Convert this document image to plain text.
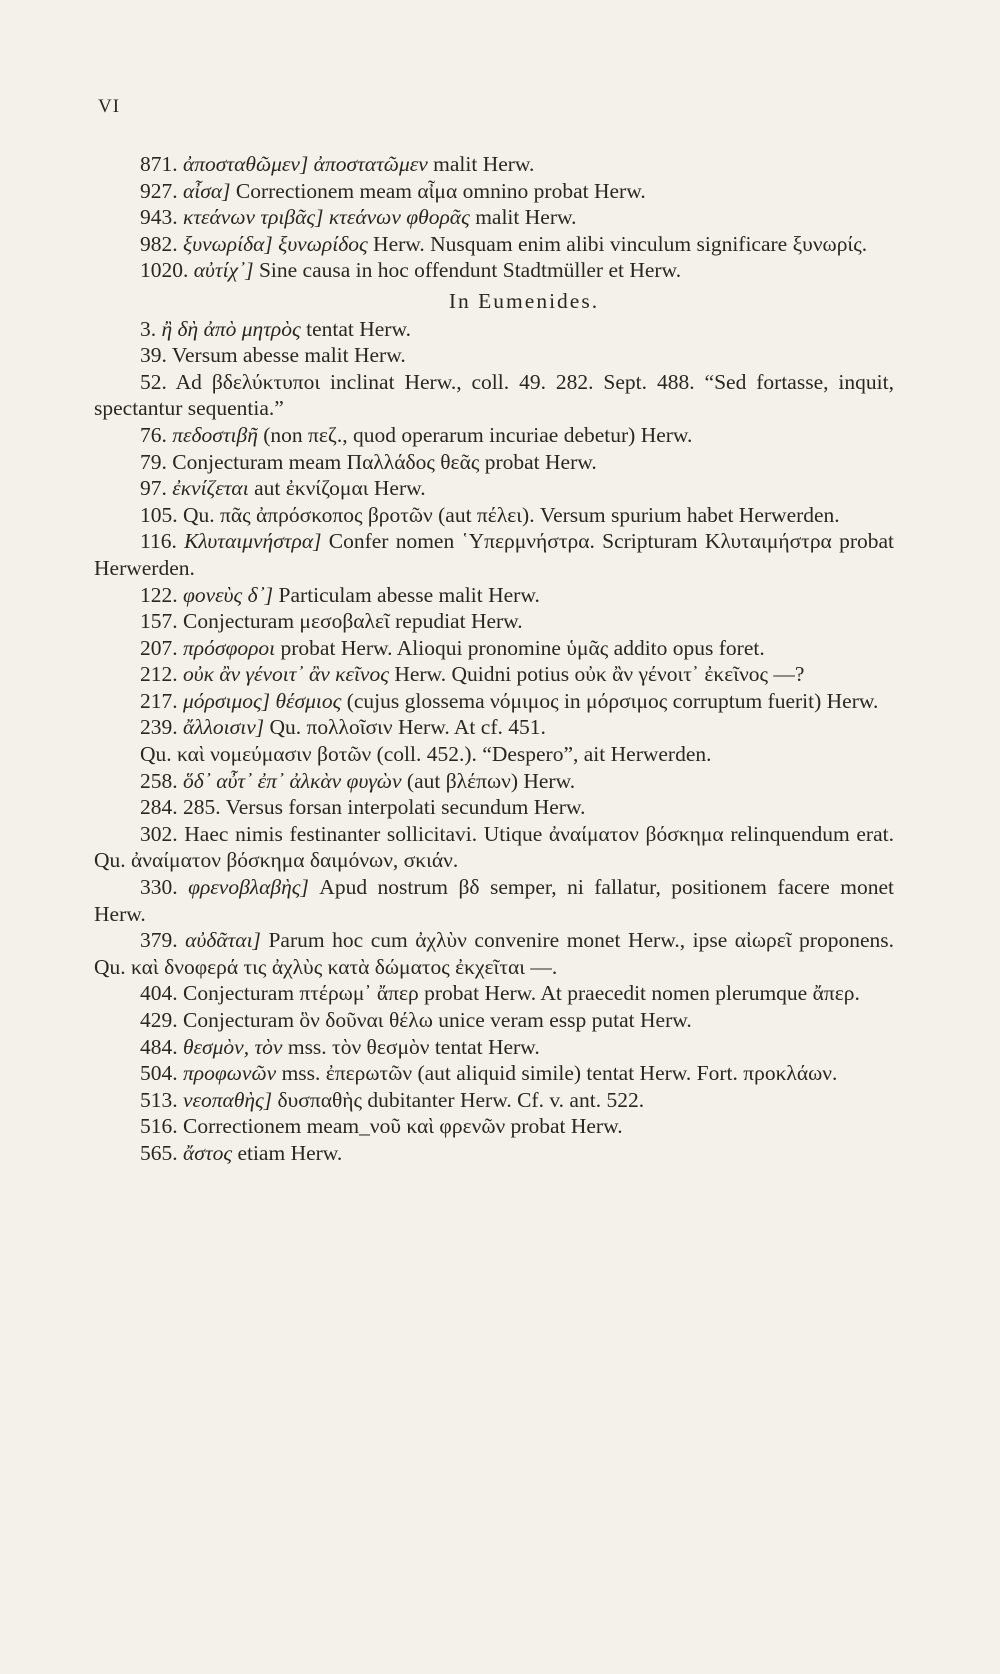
VI

871. ἀποσταθῶμεν] ἀποστατῶμεν malit Herw.

927. αἶσα] Correctionem meam αἶμα omnino probat Herw.

943. κτεάνων τριβᾶς] κτεάνων φθορᾶς malit Herw.

982. ξυνωρίδα] ξυνωρίδος Herw. Nusquam enim alibi vinculum significare ξυνωρίς.

1020. αὐτίχ᾽] Sine causa in hoc offendunt Stadtmüller et Herw.

In Eumenides.

3. ἢ δὴ ἀπὸ μητρὸς tentat Herw.

39. Versum abesse malit Herw.

52. Ad βδελύκτυποι inclinat Herw., coll. 49. 282. Sept. 488. “Sed fortasse, inquit, spectantur sequentia.”

76. πεδοστιβῆ (non πεζ., quod operarum incuriae debetur) Herw.

79. Conjecturam meam Παλλάδος θεᾶς probat Herw.

97. ἐκνίζεται aut ἐκνίζομαι Herw.

105. Qu. πᾶς ἀπρόσκοπος βροτῶν (aut πέλει). Versum spurium habet Herwerden.

116. Κλυταιμνήστρα] Confer nomen ῾Υπερμνήστρα. Scripturam Κλυταιμήστρα probat Herwerden.

122. φονεὺς δ᾽] Particulam abesse malit Herw.

157. Conjecturam μεσοβαλεῖ repudiat Herw.

207. πρόσφοροι probat Herw. Alioqui pronomine ὑμᾶς addito opus foret.

212. οὐκ ἂν γένοιτ᾽ ἂν κεῖνος Herw. Quidni potius οὐκ ἂν γένοιτ᾽ ἐκεῖνος —?

217. μόρσιμος] θέσμιος (cujus glossema νόμιμος in μόρσιμος corruptum fuerit) Herw.

239. ἄλλοισιν] Qu. πολλοῖσιν Herw. At cf. 451.

Qu. καὶ νομεύμασιν βοτῶν (coll. 452.). “Despero”, ait Herwerden.

258. ὅδ᾽ αὖτ᾽ ἐπ᾽ ἀλκὰν φυγὼν (aut βλέπων) Herw.

284. 285. Versus forsan interpolati secundum Herw.

302. Haec nimis festinanter sollicitavi. Utique ἀναίματον βόσκημα relinquendum erat. Qu. ἀναίματον βόσκημα δαιμόνων, σκιάν.

330. φρενοβλαβὴς] Apud nostrum βδ semper, ni fallatur, positionem facere monet Herw.

379. αὐδᾶται] Parum hoc cum ἀχλὺν convenire monet Herw., ipse αἰωρεῖ proponens. Qu. καὶ δνοφερά τις ἀχλὺς κατὰ δώματος ἐκχεῖται —.

404. Conjecturam πτέρωμ᾽ ἄπερ probat Herw. At praecedit nomen plerumque ἄπερ.

429. Conjecturam ὃν δοῦναι θέλω unice veram essp putat Herw.

484. θεσμὸν, τὸν mss. τὸν θεσμὸν tentat Herw.

504. προφωνῶν mss. ἐπερωτῶν (aut aliquid simile) tentat Herw. Fort. προκλάων.

513. νεοπαθὴς] δυσπαθὴς dubitanter Herw. Cf. v. ant. 522.

516. Correctionem meam_νοῦ καὶ φρενῶν probat Herw.

565. ἄστος etiam Herw.
